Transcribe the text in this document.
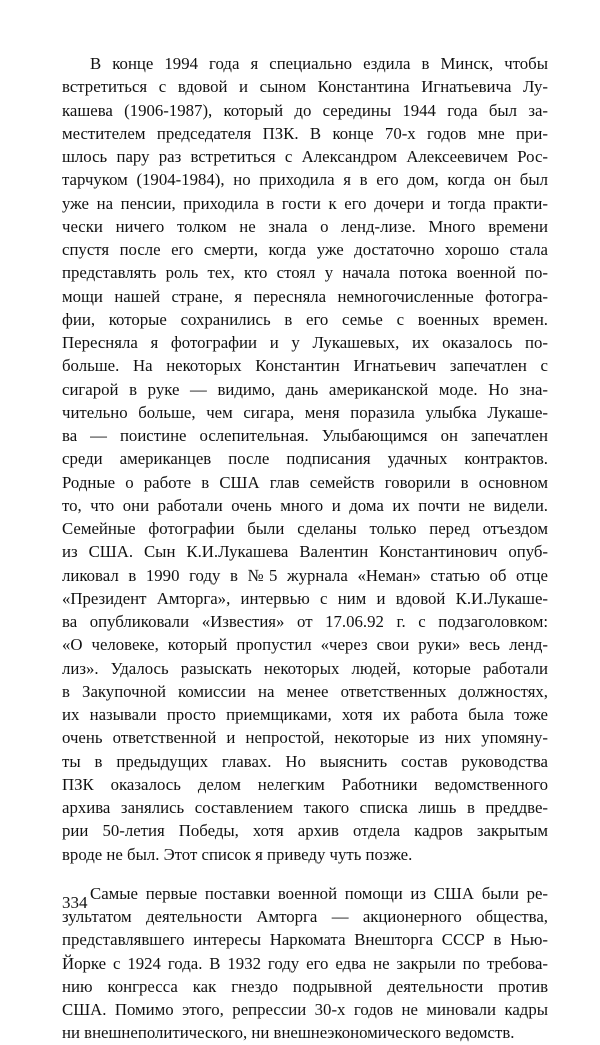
В конце 1994 года я специально ездила в Минск, чтобы
встретиться с вдовой и сыном Константина Игнатьевича Лу-
кашева (1906-1987), который до середины 1944 года был за-
местителем председателя ПЗК. В конце 70-х годов мне при-
шлось пару раз встретиться с Александром Алексеевичем Рос-
тарчуком (1904-1984), но приходила я в его дом, когда он был
уже на пенсии, приходила в гости к его дочери и тогда практи-
чески ничего толком не знала о ленд-лизе. Много времени
спустя после его смерти, когда уже достаточно хорошо стала
представлять роль тех, кто стоял у начала потока военной по-
мощи нашей стране, я пересняла немногочисленные фотогра-
фии, которые сохранились в его семье с военных времен.
Пересняла я фотографии и у Лукашевых, их оказалось по-
больше. На некоторых Константин Игнатьевич запечатлен с
сигарой в руке — видимо, дань американской моде. Но зна-
чительно больше, чем сигара, меня поразила улыбка Лукаше-
ва — поистине ослепительная. Улыбающимся он запечатлен
среди американцев после подписания удачных контрактов.
Родные о работе в США глав семейств говорили в основном
то, что они работали очень много и дома их почти не видели.
Семейные фотографии были сделаны только перед отъездом
из США. Сын К.И.Лукашева Валентин Константинович опуб-
ликовал в 1990 году в №5 журнала «Неман» статью об отце
«Президент Амторга», интервью с ним и вдовой К.И.Лукаше-
ва опубликовали «Известия» от 17.06.92 г. с подзаголовком:
«О человеке, который пропустил «через свои руки» весь ленд-
лиз». Удалось разыскать некоторых людей, которые работали
в Закупочной комиссии на менее ответственных должностях,
их называли просто приемщиками, хотя их работа была тоже
очень ответственной и непростой, некоторые из них упомяну-
ты в предыдущих главах. Но выяснить состав руководства
ПЗК оказалось делом нелегким Работники ведомственного
архива занялись составлением такого списка лишь в преддве-
рии 50-летия Победы, хотя архив отдела кадров закрытым
вроде не был. Этот список я приведу чуть позже.

Самые первые поставки военной помощи из США были ре-
зультатом деятельности Амторга — акционерного общества,
представлявшего интересы Наркомата Внешторга СССР в Нью-
Йорке с 1924 года. В 1932 году его едва не закрыли по требова-
нию конгресса как гнездо подрывной деятельности против
США. Помимо этого, репрессии 30-х годов не миновали кадры
ни внешнеполитического, ни внешнеэкономического ведомств.

334
